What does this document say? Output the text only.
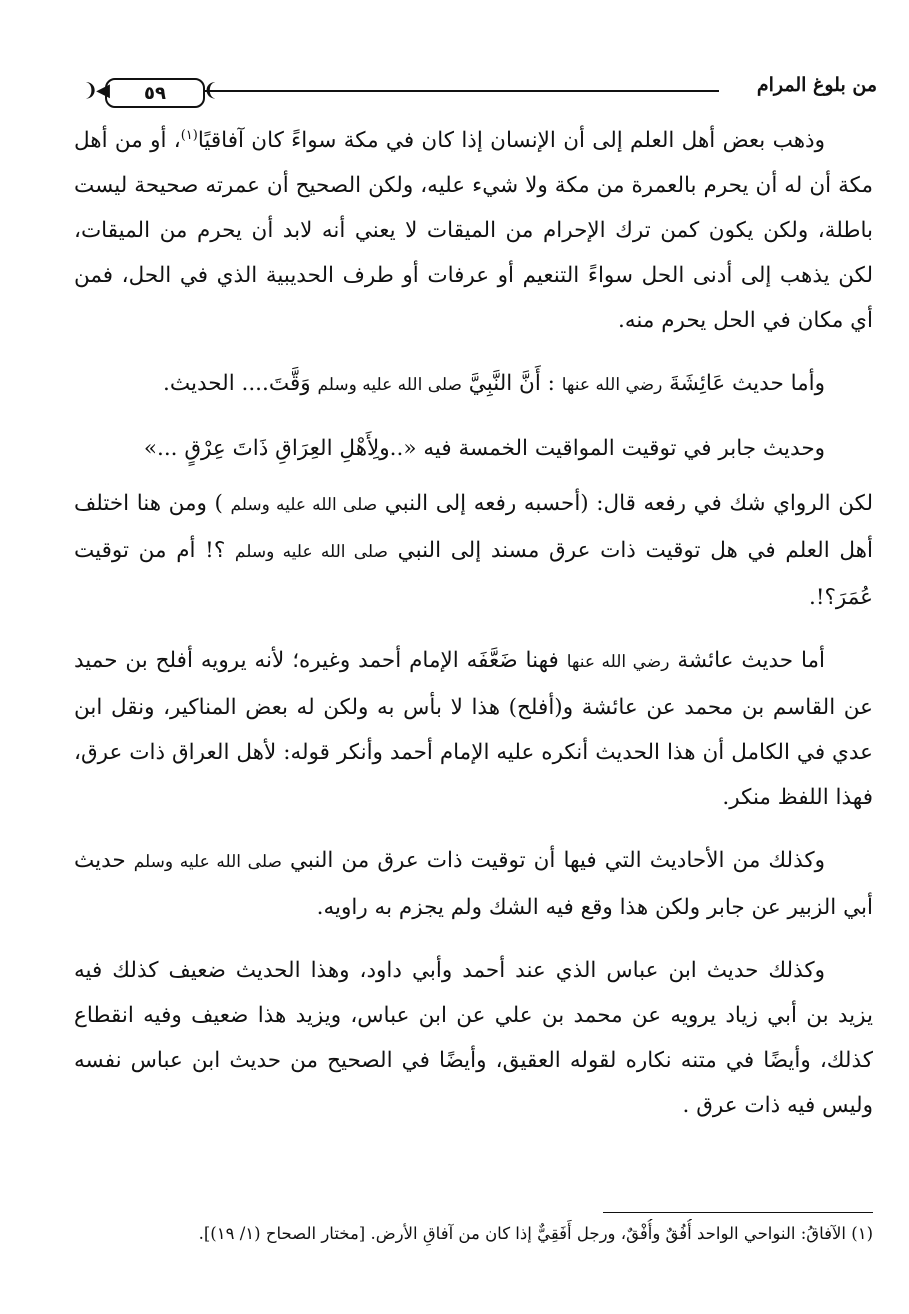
من بلوغ المرام
◀❨ ٥٩ ❩

وذهب بعض أهل العلم إلى أن الإنسان إذا كان في مكة سواءً كان آفاقيًا$^{(١)}$، أو من أهل مكة أن له أن يحرم بالعمرة من مكة ولا شيء عليه، ولكن الصحيح أن عمرته صحيحة ليست باطلة، ولكن يكون كمن ترك الإحرام من الميقات لا يعني أنه لابد أن يحرم من الميقات، لكن يذهب إلى أدنى الحل سواءً التنعيم أو عرفات أو طرف الحديبية الذي في الحل، فمن أي مكان في الحل يحرم منه.

وأما حديث عَائِشَةَ رضي الله عنها : أَنَّ النَّبِيَّ صلى الله عليه وسلم وَقَّتَ.... الحديث.

وحديث جابر في توقيت المواقيت الخمسة فيه «..ولِأَهْلِ العِرَاقِ ذَاتَ عِرْقٍ ...»

لكن الرواي شك في رفعه قال: (أحسبه رفعه إلى النبي صلى الله عليه وسلم ) ومن هنا اختلف أهل العلم في هل توقيت ذات عرق مسند إلى النبي صلى الله عليه وسلم ؟! أم من توقيت عُمَرَ؟!.

أما حديث عائشة رضي الله عنها فهنا ضَعَّفَه الإمام أحمد وغيره؛ لأنه يرويه أفلح بن حميد عن القاسم بن محمد عن عائشة و(أفلح) هذا لا بأس به ولكن له بعض المناكير، ونقل ابن عدي في الكامل أن هذا الحديث أنكره عليه الإمام أحمد وأنكر قوله: لأهل العراق ذات عرق، فهذا اللفظ منكر.

وكذلك من الأحاديث التي فيها أن توقيت ذات عرق من النبي صلى الله عليه وسلم حديث أبي الزبير عن جابر ولكن هذا وقع فيه الشك ولم يجزم به راويه.

وكذلك حديث ابن عباس الذي عند أحمد وأبي داود، وهذا الحديث ضعيف كذلك فيه يزيد بن أبي زياد يرويه عن محمد بن علي عن ابن عباس، ويزيد هذا ضعيف وفيه انقطاع كذلك، وأيضًا في متنه نكاره لقوله العقيق، وأيضًا في الصحيح من حديث ابن عباس نفسه وليس فيه ذات عرق .

(١) الآفاقُ: النواحي الواحد أُفُقٌ وأُفْقٌ، ورجل أَفَقِيٌّ إذا كان من آفاقِ الأرض. [مختار الصحاح (١/ ١٩)].
